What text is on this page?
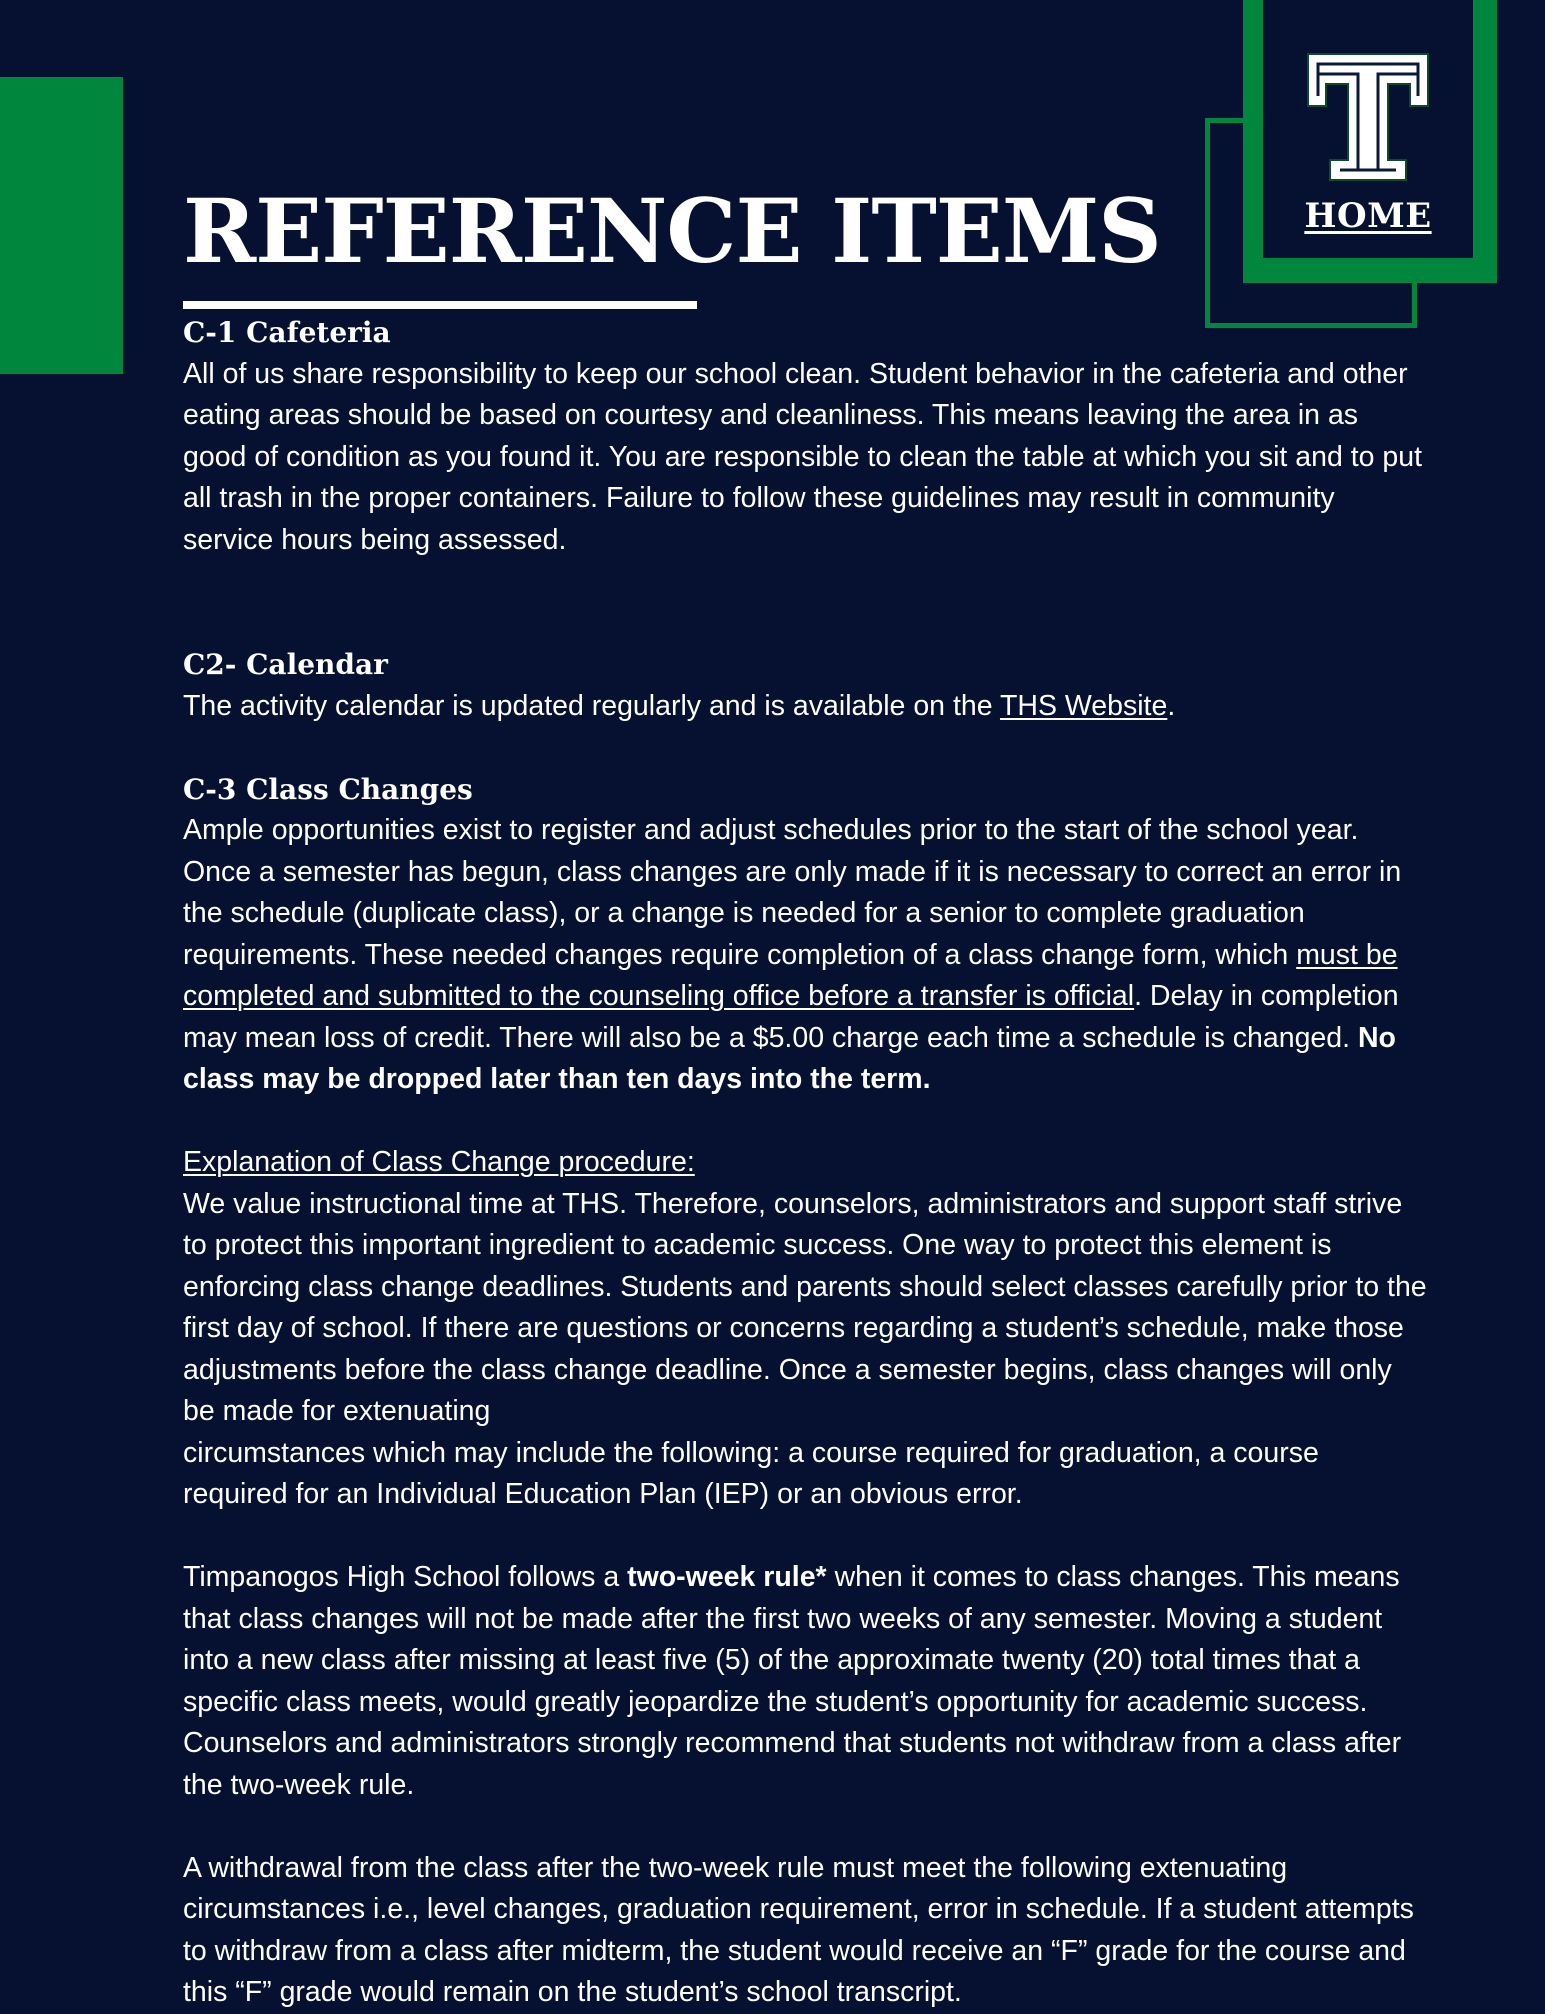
HOME
REFERENCE ITEMS
C-1 Cafeteria

All of us share responsibility to keep our school clean. Student behavior in the cafeteria and other eating areas should be based on courtesy and cleanliness. This means leaving the area in as good of condition as you found it. You are responsible to clean the table at which you sit and to put all trash in the proper containers. Failure to follow these guidelines may result in community service hours being assessed.

C2- Calendar

The activity calendar is updated regularly and is available on the THS Website.

C-3 Class Changes

Ample opportunities exist to register and adjust schedules prior to the start of the school year. Once a semester has begun, class changes are only made if it is necessary to correct an error in the schedule (duplicate class), or a change is needed for a senior to complete graduation requirements. These needed changes require completion of a class change form, which must be completed and submitted to the counseling office before a transfer is official. Delay in completion may mean loss of credit. There will also be a $5.00 charge each time a schedule is changed. No class may be dropped later than ten days into the term.

Explanation of Class Change procedure:

We value instructional time at THS. Therefore, counselors, administrators and support staff strive to protect this important ingredient to academic success. One way to protect this element is enforcing class change deadlines. Students and parents should select classes carefully prior to the first day of school. If there are questions or concerns regarding a student’s schedule, make those adjustments before the class change deadline. Once a semester begins, class changes will only be made for extenuating

circumstances which may include the following: a course required for graduation, a course required for an Individual Education Plan (IEP) or an obvious error.

Timpanogos High School follows a two-week rule* when it comes to class changes. This means that class changes will not be made after the first two weeks of any semester. Moving a student into a new class after missing at least five (5) of the approximate twenty (20) total times that a specific class meets, would greatly jeopardize the student’s opportunity for academic success. Counselors and administrators strongly recommend that students not withdraw from a class after the two-week rule.

A withdrawal from the class after the two-week rule must meet the following extenuating circumstances i.e., level changes, graduation requirement, error in schedule. If a student attempts to withdraw from a class after midterm, the student would receive an “F” grade for the course and this “F” grade would remain on the student’s school transcript.
